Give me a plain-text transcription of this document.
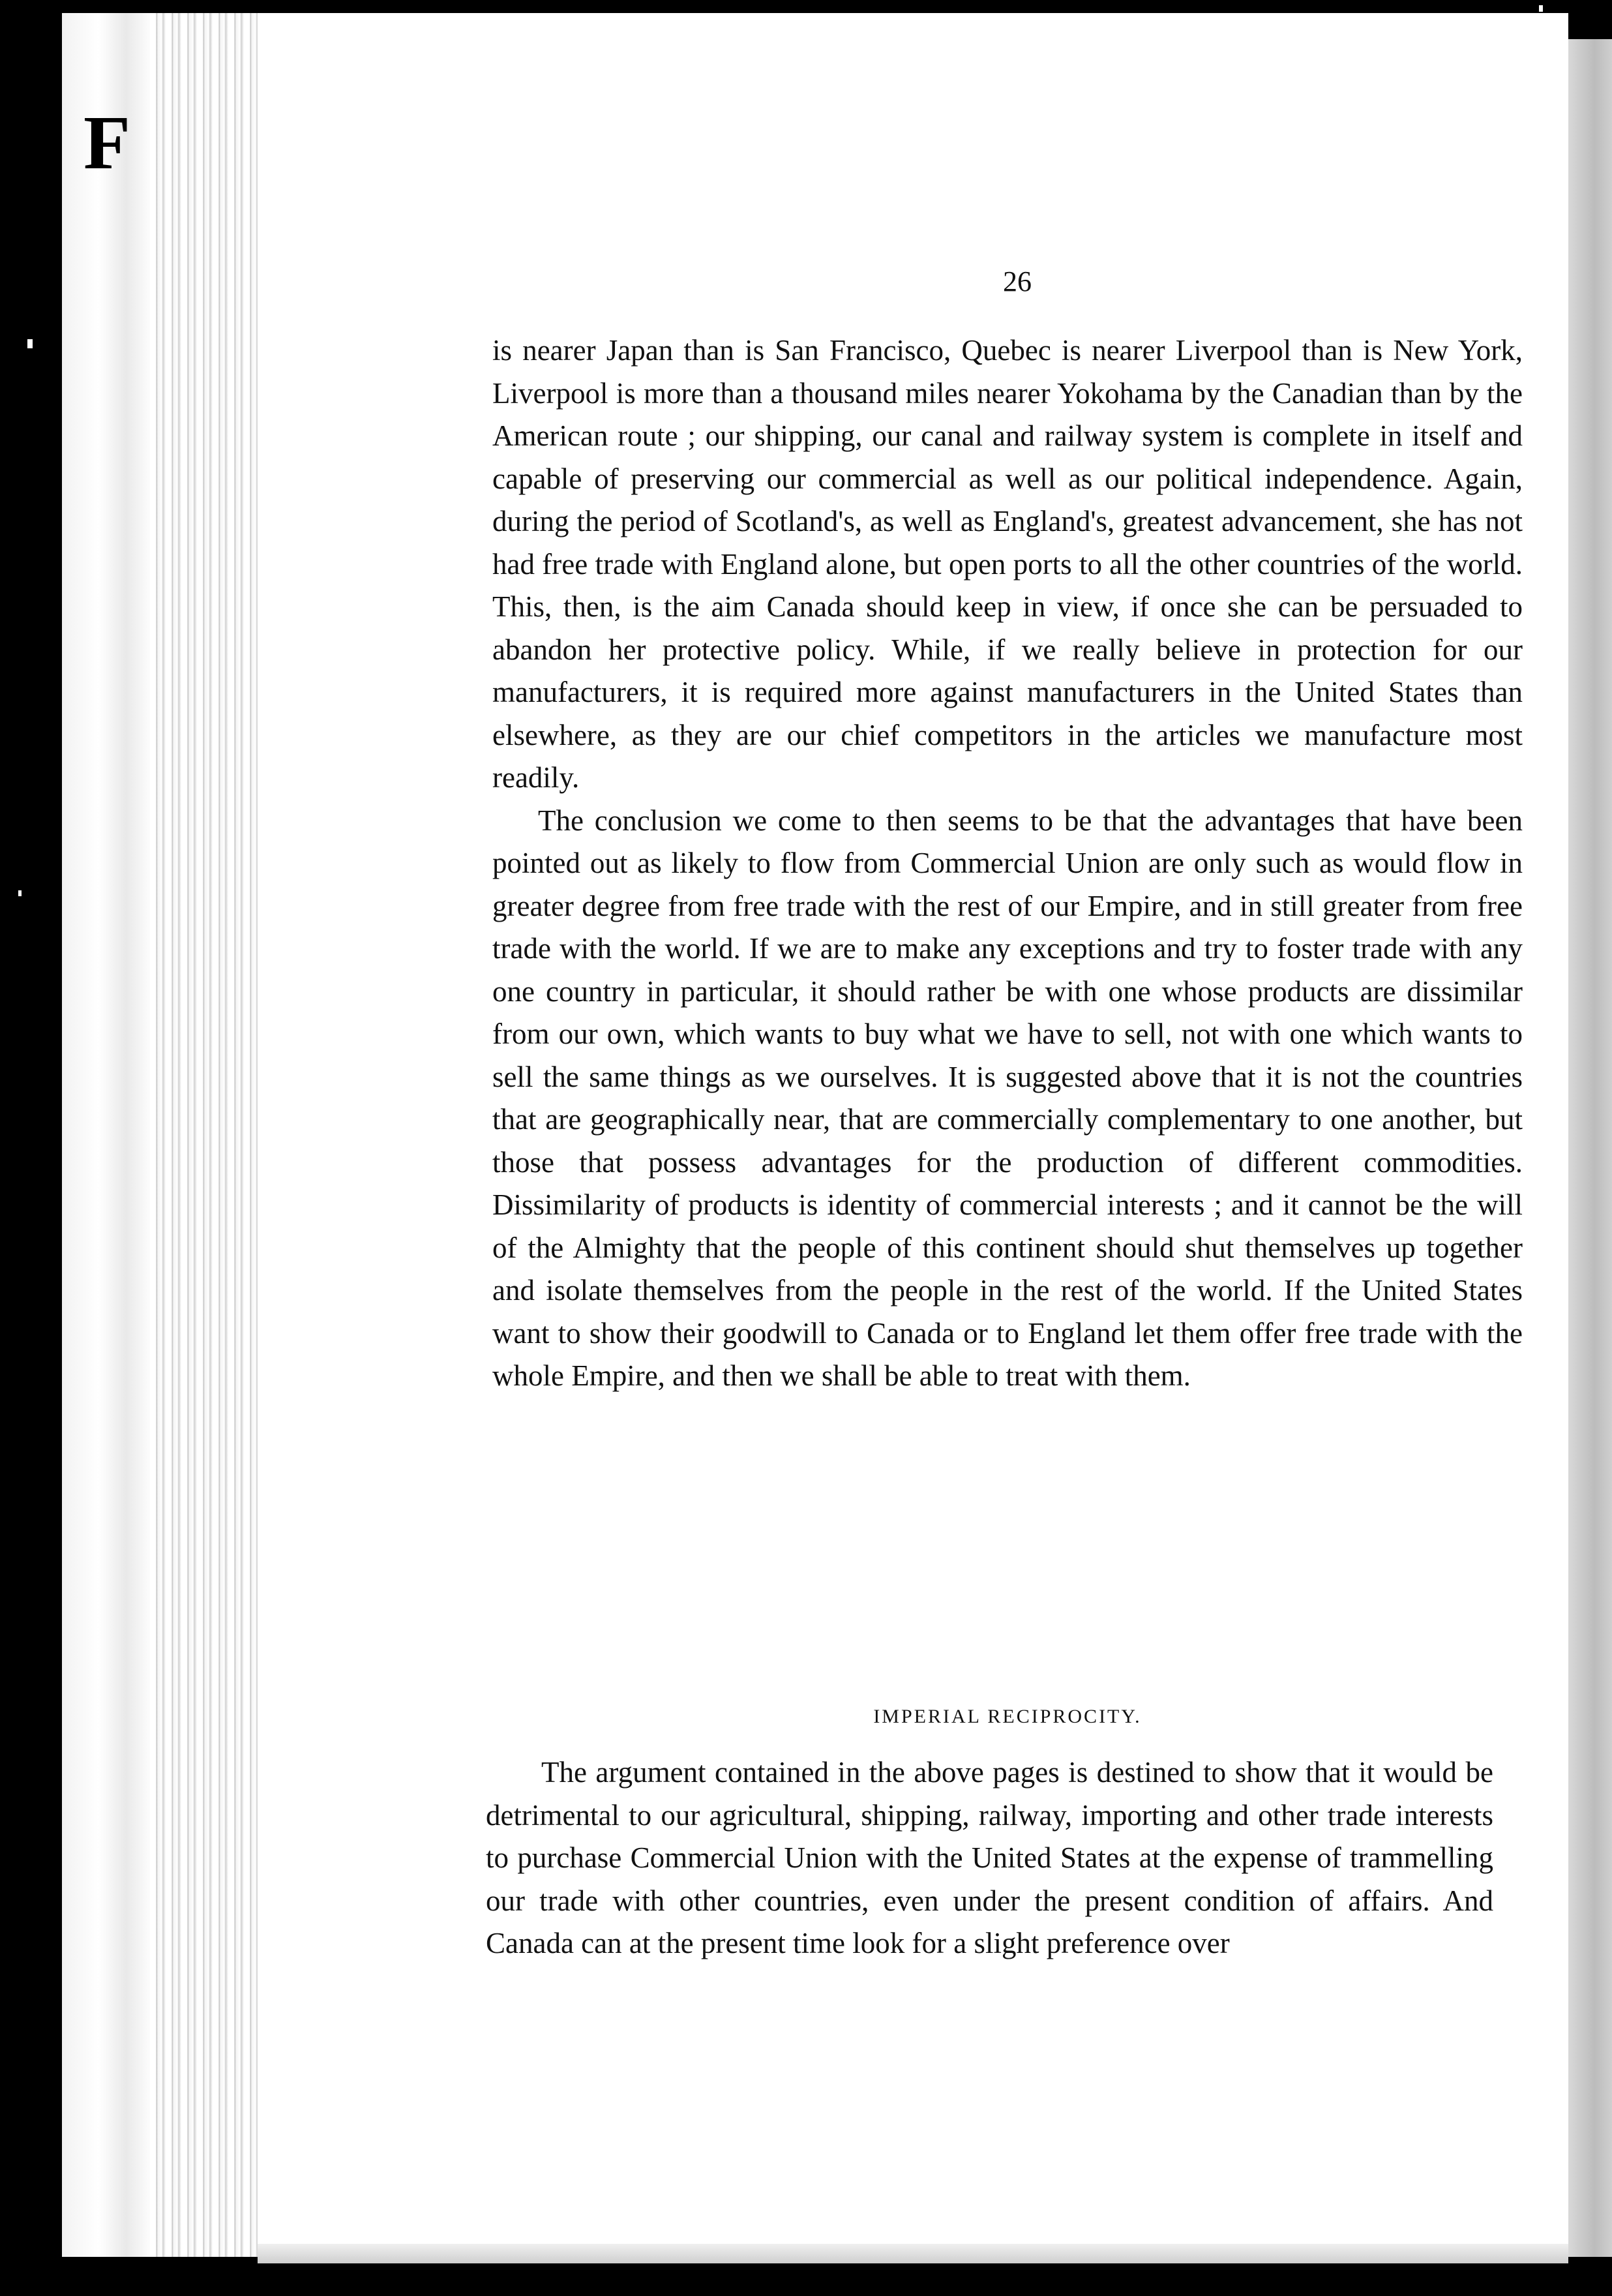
F
26

is nearer Japan than is San Francisco, Quebec is nearer Liverpool than is New York, Liverpool is more than a thousand miles nearer Yokohama by the Canadian than by the American route ; our shipping, our canal and railway system is complete in itself and capable of preserving our commercial as well as our political independence. Again, during the period of Scotland's, as well as England's, greatest advancement, she has not had free trade with England alone, but open ports to all the other countries of the world. This, then, is the aim Canada should keep in view, if once she can be persuaded to abandon her protective policy. While, if we really believe in protection for our manufacturers, it is required more against manufacturers in the United States than elsewhere, as they are our chief competitors in the articles we manufacture most readily.

The conclusion we come to then seems to be that the advantages that have been pointed out as likely to flow from Commercial Union are only such as would flow in greater degree from free trade with the rest of our Empire, and in still greater from free trade with the world. If we are to make any exceptions and try to foster trade with any one country in particular, it should rather be with one whose products are dissimilar from our own, which wants to buy what we have to sell, not with one which wants to sell the same things as we ourselves. It is suggested above that it is not the countries that are geographically near, that are commercially complementary to one another, but those that possess advantages for the production of different commodities. Dissimilarity of products is identity of commercial interests ; and it cannot be the will of the Almighty that the people of this continent should shut themselves up together and isolate themselves from the people in the rest of the world. If the United States want to show their goodwill to Canada or to England let them offer free trade with the whole Empire, and then we shall be able to treat with them.

IMPERIAL RECIPROCITY.

The argument contained in the above pages is destined to show that it would be detrimental to our agricultural, shipping, railway, importing and other trade interests to purchase Commercial Union with the United States at the expense of trammelling our trade with other countries, even under the present condition of affairs. And Canada can at the present time look for a slight preference over
